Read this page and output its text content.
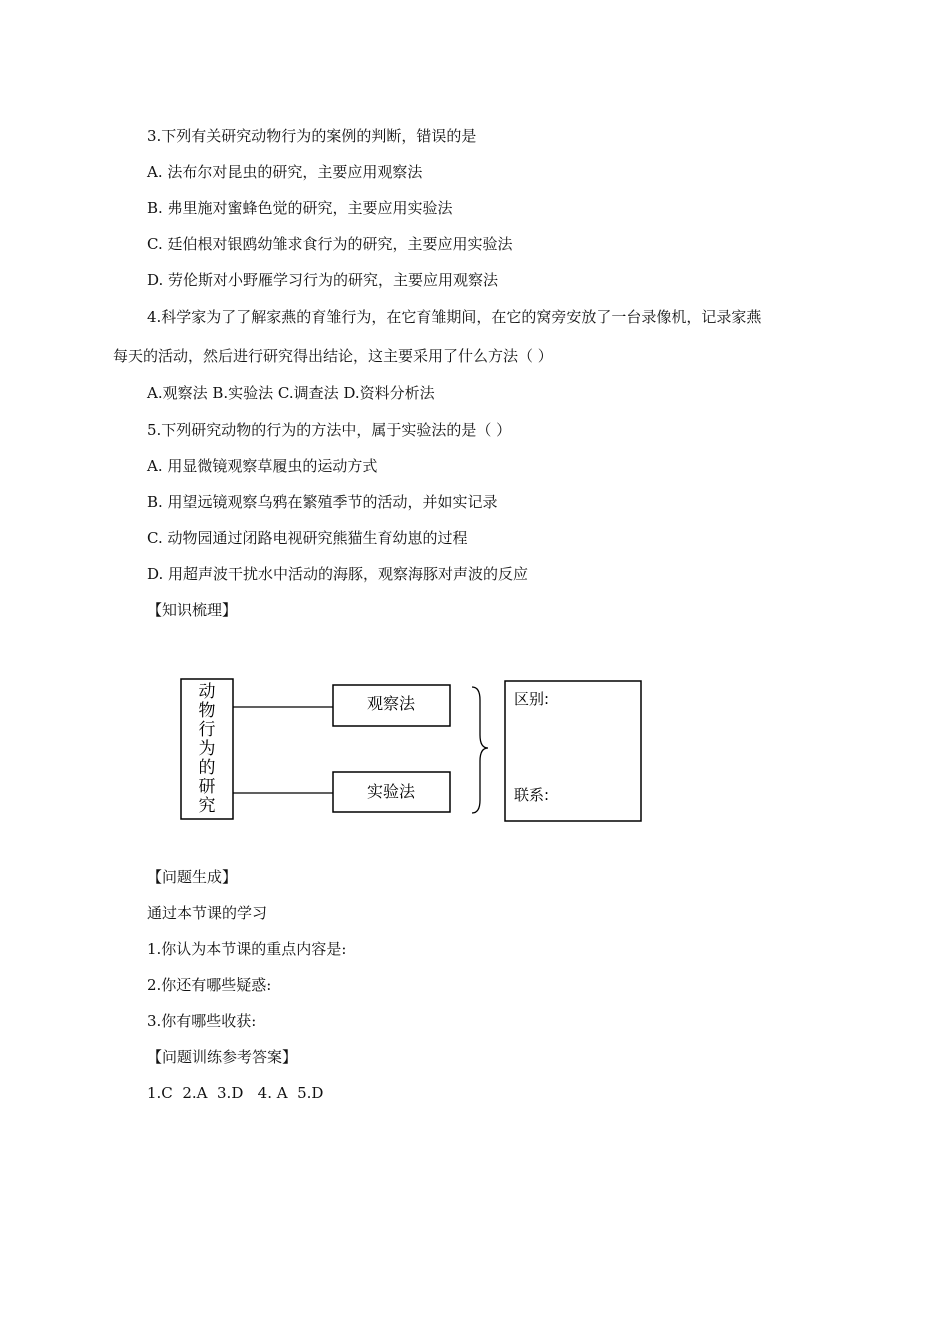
3.下列有关研究动物行为的案例的判断，错误的是
A. 法布尔对昆虫的研究，主要应用观察法
B. 弗里施对蜜蜂色觉的研究，主要应用实验法
C. 廷伯根对银鸥幼雏求食行为的研究，主要应用实验法
D. 劳伦斯对小野雁学习行为的研究，主要应用观察法
4.科学家为了了解家燕的育雏行为，在它育雏期间，在它的窝旁安放了一台录像机，记录家燕
每天的活动，然后进行研究得出结论，这主要采用了什么方法（ ）
A.观察法 B.实验法 C.调查法 D.资料分析法
5.下列研究动物的行为的方法中，属于实验法的是（ ）
A. 用显微镜观察草履虫的运动方式
B. 用望远镜观察乌鸦在繁殖季节的活动，并如实记录
C. 动物园通过闭路电视研究熊猫生育幼崽的过程
D. 用超声波干扰水中活动的海豚，观察海豚对声波的反应
【知识梳理】
动
物
行
为
的
研
究
观察法
实验法
区别:
联系:
【问题生成】
通过本节课的学习
1.你认为本节课的重点内容是:
2.你还有哪些疑惑:
3.你有哪些收获:
【问题训练参考答案】
1.C  2.A  3.D   4. A  5.D
